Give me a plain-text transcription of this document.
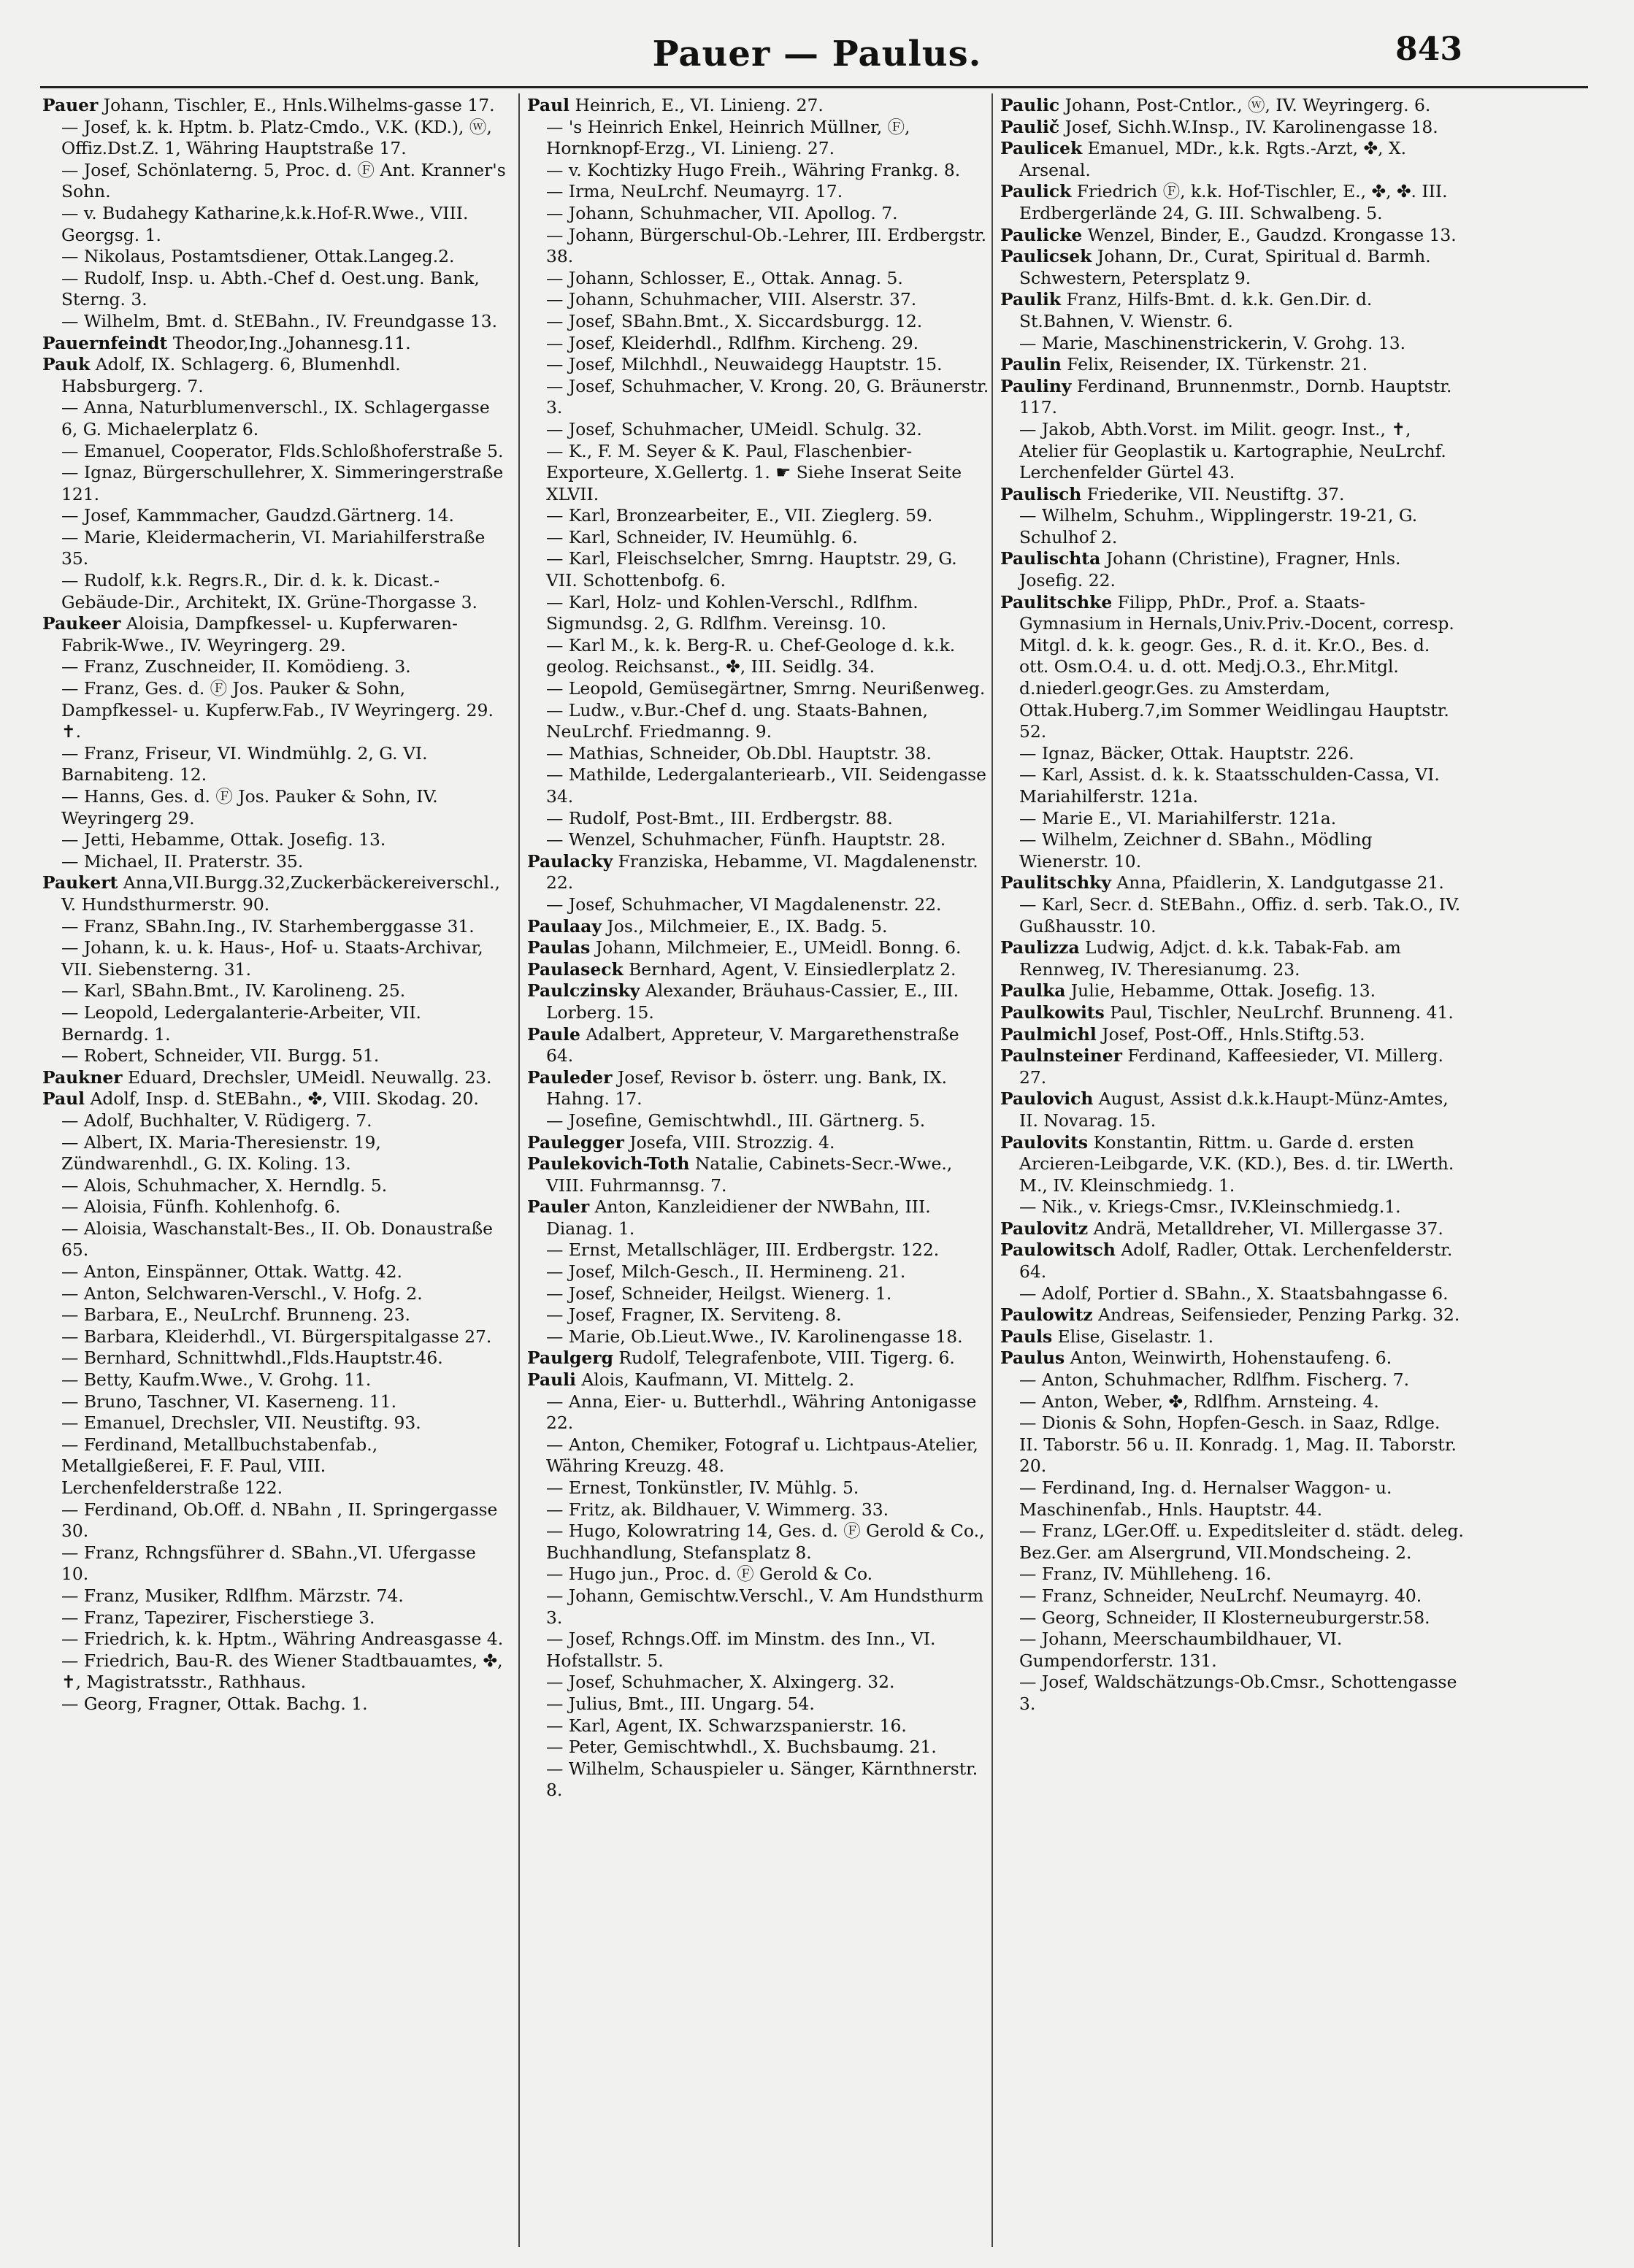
Pauer — Paulus.	843

Pauer Johann, Tischler, E., Hnls.Wilhelms-gasse 17.

— Josef, k. k. Hptm. b. Platz-Cmdo., V.K. (KD.), ⓦ, Offiz.Dst.Z. 1, Währing Hauptstraße 17.

— Josef, Schönlaterng. 5, Proc. d. Ⓕ Ant. Kranner's Sohn.

— v. Budahegy Katharine,k.k.Hof-R.Wwe., VIII. Georgsg. 1.

— Nikolaus, Postamtsdiener, Ottak.Langeg.2.

— Rudolf, Insp. u. Abth.-Chef d. Oest.ung. Bank, Sterng. 3.

— Wilhelm, Bmt. d. StEBahn., IV. Freundgasse 13.

Pauernfeindt Theodor,Ing.,Johannesg.11.

Pauk Adolf, IX. Schlagerg. 6, Blumenhdl. Habsburgerg. 7.

— Anna, Naturblumenverschl., IX. Schlagergasse 6, G. Michaelerplatz 6.

— Emanuel, Cooperator, Flds.Schloßhoferstraße 5.

— Ignaz, Bürgerschullehrer, X. Simmeringerstraße 121.

— Josef, Kammmacher, Gaudzd.Gärtnerg. 14.

— Marie, Kleidermacherin, VI. Mariahilferstraße 35.

— Rudolf, k.k. Regrs.R., Dir. d. k. k. Dicast.-Gebäude-Dir., Architekt, IX. Grüne-Thorgasse 3.

Paukeer Aloisia, Dampfkessel- u. Kupferwaren-Fabrik-Wwe., IV. Weyringerg. 29.

— Franz, Zuschneider, II. Komödieng. 3.

— Franz, Ges. d. Ⓕ Jos. Pauker & Sohn, Dampfkessel- u. Kupferw.Fab., IV Weyringerg. 29. ✝.

— Franz, Friseur, VI. Windmühlg. 2, G. VI. Barnabiteng. 12.

— Hanns, Ges. d. Ⓕ Jos. Pauker & Sohn, IV. Weyringerg 29.

— Jetti, Hebamme, Ottak. Josefig. 13.

— Michael, II. Praterstr. 35.

Paukert Anna,VII.Burgg.32,Zuckerbäckereiverschl., V. Hundsthurmerstr. 90.

— Franz, SBahn.Ing., IV. Starhemberggasse 31.

— Johann, k. u. k. Haus-, Hof- u. Staats-Archivar, VII. Siebensterng. 31.

— Karl, SBahn.Bmt., IV. Karolineng. 25.

— Leopold, Ledergalanterie-Arbeiter, VII. Bernardg. 1.

— Robert, Schneider, VII. Burgg. 51.

Paukner Eduard, Drechsler, UMeidl. Neuwallg. 23.

Paul Adolf, Insp. d. StEBahn., ✤, VIII. Skodag. 20.

— Adolf, Buchhalter, V. Rüdigerg. 7.

— Albert, IX. Maria-Theresienstr. 19, Zündwarenhdl., G. IX. Koling. 13.

— Alois, Schuhmacher, X. Herndlg. 5.

— Aloisia, Fünfh. Kohlenhofg. 6.

— Aloisia, Waschanstalt-Bes., II. Ob. Donaustraße 65.

— Anton, Einspänner, Ottak. Wattg. 42.

— Anton, Selchwaren-Verschl., V. Hofg. 2.

— Barbara, E., NeuLrchf. Brunneng. 23.

— Barbara, Kleiderhdl., VI. Bürgerspitalgasse 27.

— Bernhard, Schnittwhdl.,Flds.Hauptstr.46.

— Betty, Kaufm.Wwe., V. Grohg. 11.

— Bruno, Taschner, VI. Kaserneng. 11.

— Emanuel, Drechsler, VII. Neustiftg. 93.

— Ferdinand, Metallbuchstabenfab., Metallgießerei, F. F. Paul, VIII. Lerchenfelderstraße 122.

— Ferdinand, Ob.Off. d. NBahn , II. Springergasse 30.

— Franz, Rchngsführer d. SBahn.,VI. Ufergasse 10.

— Franz, Musiker, Rdlfhm. Märzstr. 74.

— Franz, Tapezirer, Fischerstiege 3.

— Friedrich, k. k. Hptm., Währing Andreasgasse 4.

— Friedrich, Bau-R. des Wiener Stadtbauamtes, ✤, ✝, Magistratsstr., Rathhaus.

— Georg, Fragner, Ottak. Bachg. 1.

Paul Heinrich, E., VI. Linieng. 27.

— 's Heinrich Enkel, Heinrich Müllner, Ⓕ, Hornknopf-Erzg., VI. Linieng. 27.

— v. Kochtizky Hugo Freih., Währing Frankg. 8.

— Irma, NeuLrchf. Neumayrg. 17.

— Johann, Schuhmacher, VII. Apollog. 7.

— Johann, Bürgerschul-Ob.-Lehrer, III. Erdbergstr. 38.

— Johann, Schlosser, E., Ottak. Annag. 5.

— Johann, Schuhmacher, VIII. Alserstr. 37.

— Josef, SBahn.Bmt., X. Siccardsburgg. 12.

— Josef, Kleiderhdl., Rdlfhm. Kircheng. 29.

— Josef, Milchhdl., Neuwaidegg Hauptstr. 15.

— Josef, Schuhmacher, V. Krong. 20, G. Bräunerstr. 3.

— Josef, Schuhmacher, UMeidl. Schulg. 32.

— K., F. M. Seyer & K. Paul, Flaschenbier-Exporteure, X.Gellertg. 1. ☛ Siehe Inserat Seite XLVII.

— Karl, Bronzearbeiter, E., VII. Zieglerg. 59.

— Karl, Schneider, IV. Heumühlg. 6.

— Karl, Fleischselcher, Smrng. Hauptstr. 29, G. VII. Schottenbofg. 6.

— Karl, Holz- und Kohlen-Verschl., Rdlfhm. Sigmundsg. 2, G. Rdlfhm. Vereinsg. 10.

— Karl M., k. k. Berg-R. u. Chef-Geologe d. k.k. geolog. Reichsanst., ✤, III. Seidlg. 34.

— Leopold, Gemüsegärtner, Smrng. Neurißenweg.

— Ludw., v.Bur.-Chef d. ung. Staats-Bahnen, NeuLrchf. Friedmanng. 9.

— Mathias, Schneider, Ob.Dbl. Hauptstr. 38.

— Mathilde, Ledergalanteriearb., VII. Seidengasse 34.

— Rudolf, Post-Bmt., III. Erdbergstr. 88.

— Wenzel, Schuhmacher, Fünfh. Hauptstr. 28.

Paulacky Franziska, Hebamme, VI. Magdalenenstr. 22.

— Josef, Schuhmacher, VI Magdalenenstr. 22.

Paulaay Jos., Milchmeier, E., IX. Badg. 5.

Paulas Johann, Milchmeier, E., UMeidl. Bonng. 6.

Paulaseck Bernhard, Agent, V. Einsiedlerplatz 2.

Paulczinsky Alexander, Bräuhaus-Cassier, E., III. Lorberg. 15.

Paule Adalbert, Appreteur, V. Margarethenstraße 64.

Pauleder Josef, Revisor b. österr. ung. Bank, IX. Hahng. 17.

— Josefine, Gemischtwhdl., III. Gärtnerg. 5.

Paulegger Josefa, VIII. Strozzig. 4.

Paulekovich-Toth Natalie, Cabinets-Secr.-Wwe., VIII. Fuhrmannsg. 7.

Pauler Anton, Kanzleidiener der NWBahn, III. Dianag. 1.

— Ernst, Metallschläger, III. Erdbergstr. 122.

— Josef, Milch-Gesch., II. Hermineng. 21.

— Josef, Schneider, Heilgst. Wienerg. 1.

— Josef, Fragner, IX. Serviteng. 8.

— Marie, Ob.Lieut.Wwe., IV. Karolinengasse 18.

Paulgerg Rudolf, Telegrafenbote, VIII. Tigerg. 6.

Pauli Alois, Kaufmann, VI. Mittelg. 2.

— Anna, Eier- u. Butterhdl., Währing Antonigasse 22.

— Anton, Chemiker, Fotograf u. Lichtpaus-Atelier, Währing Kreuzg. 48.

— Ernest, Tonkünstler, IV. Mühlg. 5.

— Fritz, ak. Bildhauer, V. Wimmerg. 33.

— Hugo, Kolowratring 14, Ges. d. Ⓕ Gerold & Co., Buchhandlung, Stefansplatz 8.

— Hugo jun., Proc. d. Ⓕ Gerold & Co.

— Johann, Gemischtw.Verschl., V. Am Hundsthurm 3.

— Josef, Rchngs.Off. im Minstm. des Inn., VI. Hofstallstr. 5.

— Josef, Schuhmacher, X. Alxingerg. 32.

— Julius, Bmt., III. Ungarg. 54.

— Karl, Agent, IX. Schwarzspanierstr. 16.

— Peter, Gemischtwhdl., X. Buchsbaumg. 21.

— Wilhelm, Schauspieler u. Sänger, Kärnthnerstr. 8.

Paulic Johann, Post-Cntlor., ⓦ, IV. Weyringerg. 6.

Paulič Josef, Sichh.W.Insp., IV. Karolinengasse 18.

Paulicek Emanuel, MDr., k.k. Rgts.-Arzt, ✤, X. Arsenal.

Paulick Friedrich Ⓕ, k.k. Hof-Tischler, E., ✤, ✤. III. Erdbergerlände 24, G. III. Schwalbeng. 5.

Paulicke Wenzel, Binder, E., Gaudzd. Krongasse 13.

Paulicsek Johann, Dr., Curat, Spiritual d. Barmh. Schwestern, Petersplatz 9.

Paulik Franz, Hilfs-Bmt. d. k.k. Gen.Dir. d. St.Bahnen, V. Wienstr. 6.

— Marie, Maschinenstrickerin, V. Grohg. 13.

Paulin Felix, Reisender, IX. Türkenstr. 21.

Pauliny Ferdinand, Brunnenmstr., Dornb. Hauptstr. 117.

— Jakob, Abth.Vorst. im Milit. geogr. Inst., ✝, Atelier für Geoplastik u. Kartographie, NeuLrchf. Lerchenfelder Gürtel 43.

Paulisch Friederike, VII. Neustiftg. 37.

— Wilhelm, Schuhm., Wipplingerstr. 19-21, G. Schulhof 2.

Paulischta Johann (Christine), Fragner, Hnls. Josefig. 22.

Paulitschke Filipp, PhDr., Prof. a. Staats-Gymnasium in Hernals,Univ.Priv.-Docent, corresp. Mitgl. d. k. k. geogr. Ges., R. d. it. Kr.O., Bes. d. ott. Osm.O.4. u. d. ott. Medj.O.3., Ehr.Mitgl. d.niederl.geogr.Ges. zu Amsterdam, Ottak.Huberg.7,im Sommer Weidlingau Hauptstr. 52.

— Ignaz, Bäcker, Ottak. Hauptstr. 226.

— Karl, Assist. d. k. k. Staatsschulden-Cassa, VI. Mariahilferstr. 121a.

— Marie E., VI. Mariahilferstr. 121a.

— Wilhelm, Zeichner d. SBahn., Mödling Wienerstr. 10.

Paulitschky Anna, Pfaidlerin, X. Landgutgasse 21.

— Karl, Secr. d. StEBahn., Offiz. d. serb. Tak.O., IV. Gußhausstr. 10.

Paulizza Ludwig, Adjct. d. k.k. Tabak-Fab. am Rennweg, IV. Theresianumg. 23.

Paulka Julie, Hebamme, Ottak. Josefig. 13.

Paulkowits Paul, Tischler, NeuLrchf. Brunneng. 41.

Paulmichl Josef, Post-Off., Hnls.Stiftg.53.

Paulnsteiner Ferdinand, Kaffeesieder, VI. Millerg. 27.

Paulovich August, Assist d.k.k.Haupt-Münz-Amtes, II. Novarag. 15.

Paulovits Konstantin, Rittm. u. Garde d. ersten Arcieren-Leibgarde, V.K. (KD.), Bes. d. tir. LWerth. M., IV. Kleinschmiedg. 1.

— Nik., v. Kriegs-Cmsr., IV.Kleinschmiedg.1.

Paulovitz Andrä, Metalldreher, VI. Millergasse 37.

Paulowitsch Adolf, Radler, Ottak. Lerchenfelderstr. 64.

— Adolf, Portier d. SBahn., X. Staatsbahngasse 6.

Paulowitz Andreas, Seifensieder, Penzing Parkg. 32.

Pauls Elise, Giselastr. 1.

Paulus Anton, Weinwirth, Hohenstaufeng. 6.

— Anton, Schuhmacher, Rdlfhm. Fischerg. 7.

— Anton, Weber, ✤, Rdlfhm. Arnsteing. 4.

— Dionis & Sohn, Hopfen-Gesch. in Saaz, Rdlge. II. Taborstr. 56 u. II. Konradg. 1, Mag. II. Taborstr. 20.

— Ferdinand, Ing. d. Hernalser Waggon- u. Maschinenfab., Hnls. Hauptstr. 44.

— Franz, LGer.Off. u. Expeditsleiter d. städt. deleg. Bez.Ger. am Alsergrund, VII.Mondscheing. 2.

— Franz, IV. Mühlleheng. 16.

— Franz, Schneider, NeuLrchf. Neumayrg. 40.

— Georg, Schneider, II Klosterneuburgerstr.58.

— Johann, Meerschaumbildhauer, VI. Gumpendorferstr. 131.

— Josef, Waldschätzungs-Ob.Cmsr., Schottengasse 3.
